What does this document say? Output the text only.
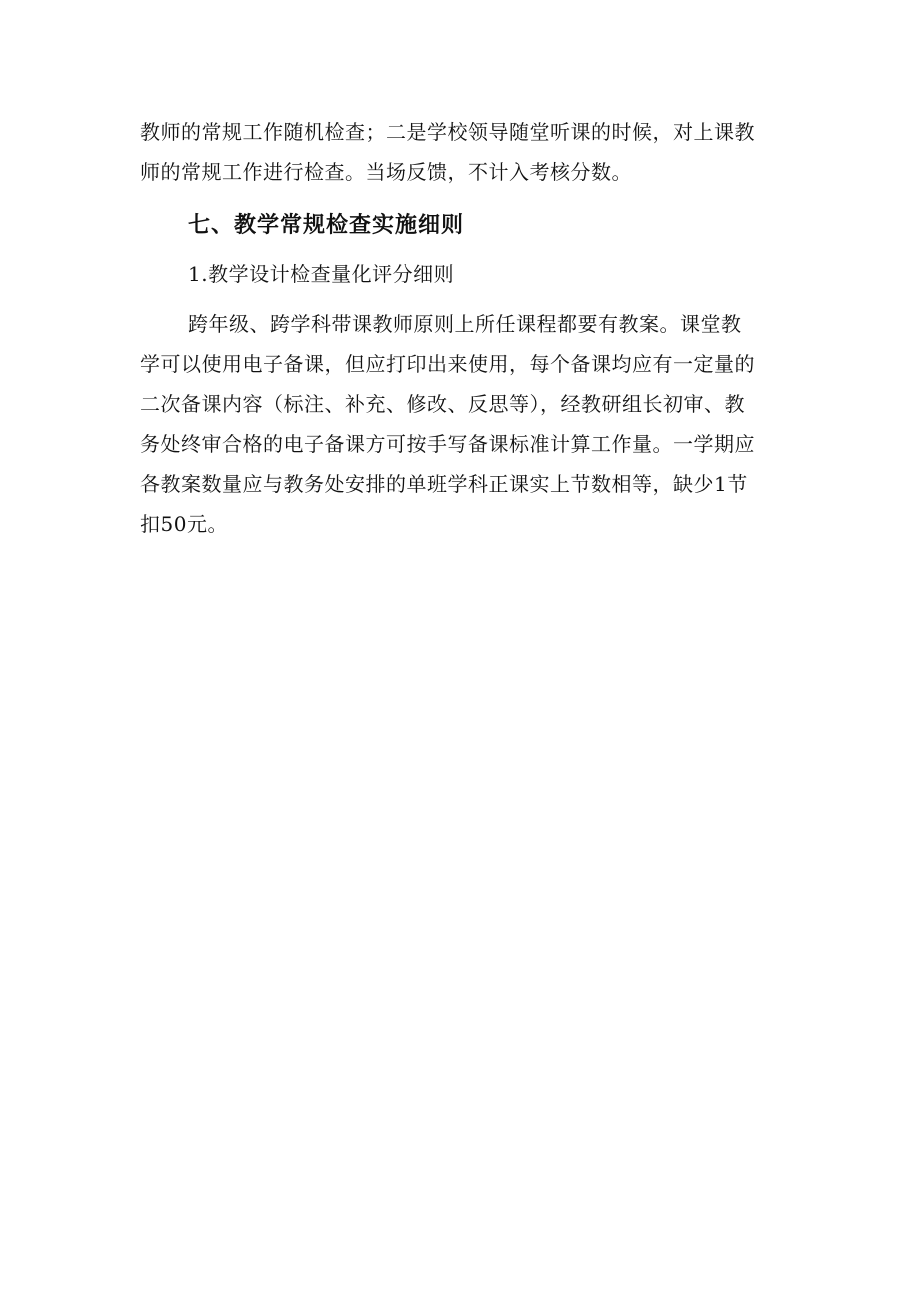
教师的常规工作随机检查；二是学校领导随堂听课的时候，对上课教
师的常规工作进行检查。当场反馈，不计入考核分数。
七、教学常规检查实施细则
1.教学设计检查量化评分细则
跨年级、跨学科带课教师原则上所任课程都要有教案。课堂教
学可以使用电子备课，但应打印出来使用，每个备课均应有一定量的
二次备课内容（标注、补充、修改、反思等），经教研组长初审、教
务处终审合格的电子备课方可按手写备课标准计算工作量。一学期应
各教案数量应与教务处安排的单班学科正课实上节数相等，缺少1节
扣50元。
